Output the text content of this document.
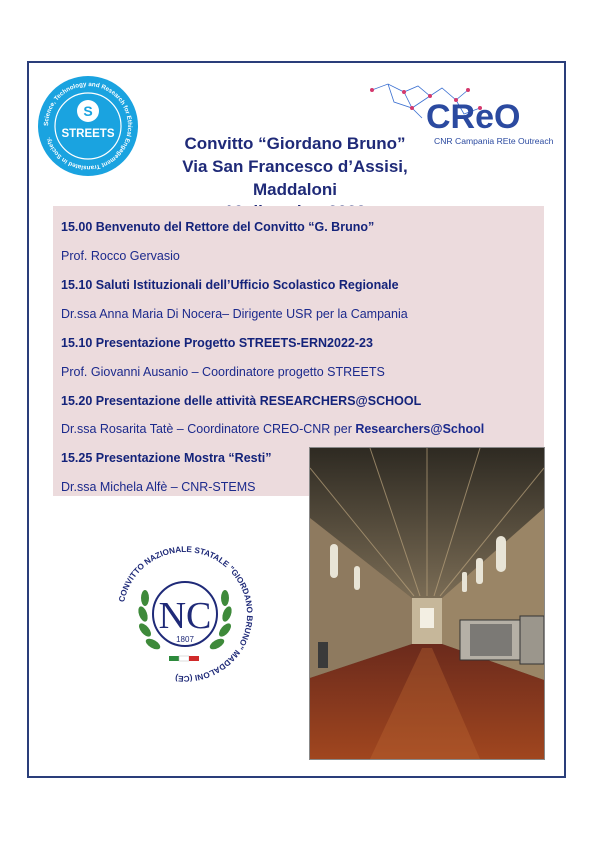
Science, Technology and Research for Ethical Engagement Translated in Society.
S
STREETS	CReO
CNR Campania REte Outreach
Convitto “Giordano Bruno”
Via San Francesco d’Assisi, Maddaloni
15.00 Benvenuto del Rettore del Convitto “G. Bruno”
Prof. Rocco Gervasio
15.10 Saluti Istituzionali dell’Ufficio Scolastico Regionale
Dr.ssa Anna Maria Di Nocera– Dirigente USR per la Campania
15.10 Presentazione Progetto STREETS-ERN2022-23
Prof. Giovanni Ausanio – Coordinatore progetto STREETS
15.20 Presentazione delle attività RESEARCHERS@SCHOOL
Dr.ssa Rosarita Tatè – Coordinatore CREO-CNR per Researchers@School
15.25 Presentazione Mostra “Resti”
Dr.ssa Michela Alfè – CNR-STEMS
CONVITTO NAZIONALE STATALE "GIORDANO BRUNO" MADDALONI (CE)
NC
1807
